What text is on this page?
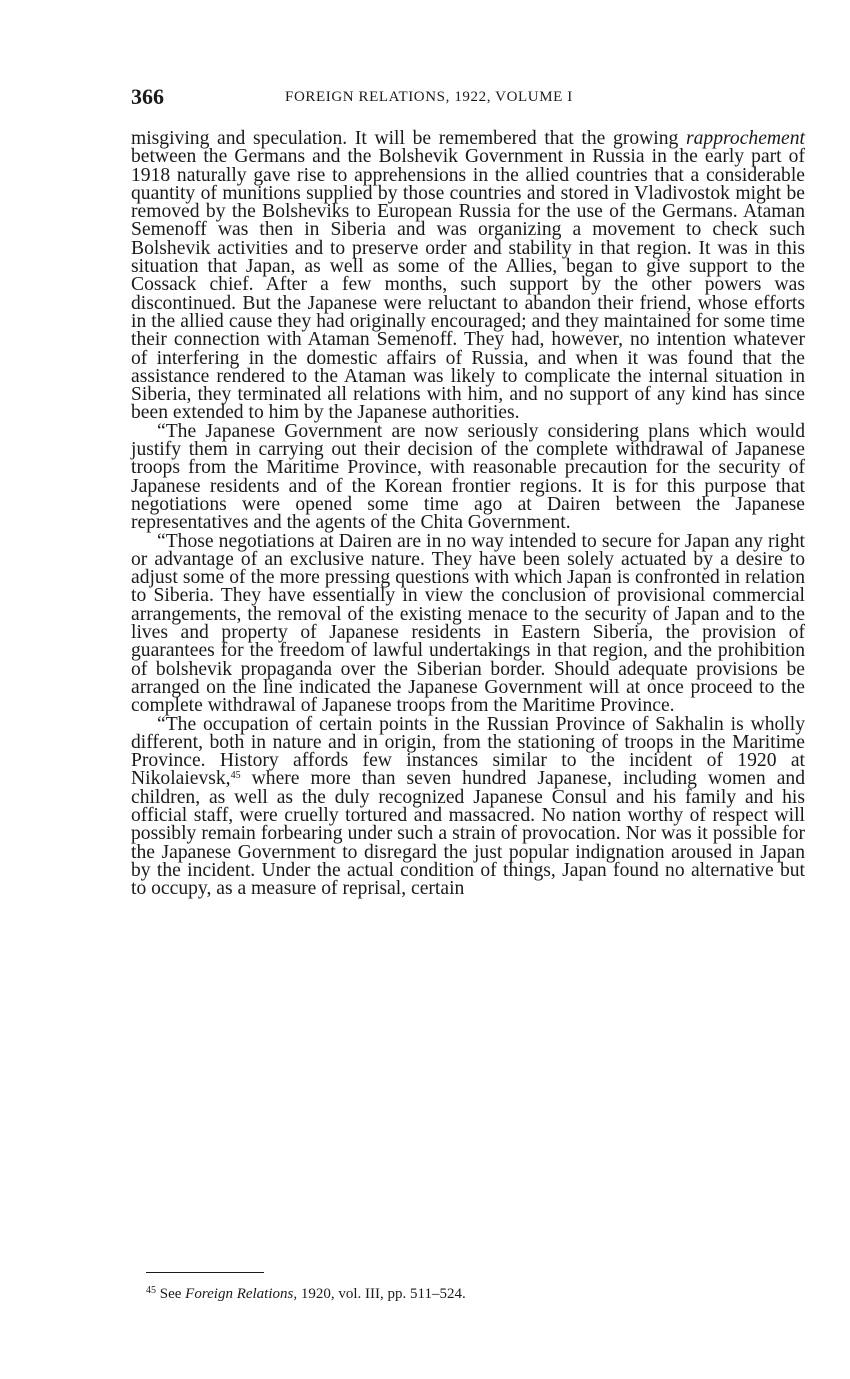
366	FOREIGN RELATIONS, 1922, VOLUME I

misgiving and speculation. It will be remembered that the growing rapprochement between the Germans and the Bolshevik Government in Russia in the early part of 1918 naturally gave rise to apprehensions in the allied countries that a considerable quantity of munitions supplied by those countries and stored in Vladivostok might be removed by the Bolsheviks to European Russia for the use of the Germans. Ataman Semenoff was then in Siberia and was organizing a movement to check such Bolshevik activities and to preserve order and stability in that region. It was in this situation that Japan, as well as some of the Allies, began to give support to the Cossack chief. After a few months, such support by the other powers was discontinued. But the Japanese were reluctant to abandon their friend, whose efforts in the allied cause they had originally encouraged; and they maintained for some time their connection with Ataman Semenoff. They had, however, no intention whatever of interfering in the domestic affairs of Russia, and when it was found that the assistance rendered to the Ataman was likely to complicate the internal situation in Siberia, they terminated all relations with him, and no support of any kind has since been extended to him by the Japanese authorities.

“The Japanese Government are now seriously considering plans which would justify them in carrying out their decision of the complete withdrawal of Japanese troops from the Maritime Province, with reasonable precaution for the security of Japanese residents and of the Korean frontier regions. It is for this purpose that negotiations were opened some time ago at Dairen between the Japanese representatives and the agents of the Chita Government.

“Those negotiations at Dairen are in no way intended to secure for Japan any right or advantage of an exclusive nature. They have been solely actuated by a desire to adjust some of the more pressing questions with which Japan is confronted in relation to Siberia. They have essentially in view the conclusion of provisional commercial arrangements, the removal of the existing menace to the security of Japan and to the lives and property of Japanese residents in Eastern Siberia, the provision of guarantees for the freedom of lawful undertakings in that region, and the prohibition of bolshevik propaganda over the Siberian border. Should adequate provisions be arranged on the line indicated the Japanese Government will at once proceed to the complete withdrawal of Japanese troops from the Maritime Province.

“The occupation of certain points in the Russian Province of Sakhalin is wholly different, both in nature and in origin, from the stationing of troops in the Maritime Province. History affords few instances similar to the incident of 1920 at Nikolaievsk,$^{45}$ where more than seven hundred Japanese, including women and children, as well as the duly recognized Japanese Consul and his family and his official staff, were cruelly tortured and massacred. No nation worthy of respect will possibly remain forbearing under such a strain of provocation. Nor was it possible for the Japanese Government to disregard the just popular indignation aroused in Japan by the incident. Under the actual condition of things, Japan found no alternative but to occupy, as a measure of reprisal, certain

$^{45}$ See Foreign Relations, 1920, vol. III, pp. 511–524.
